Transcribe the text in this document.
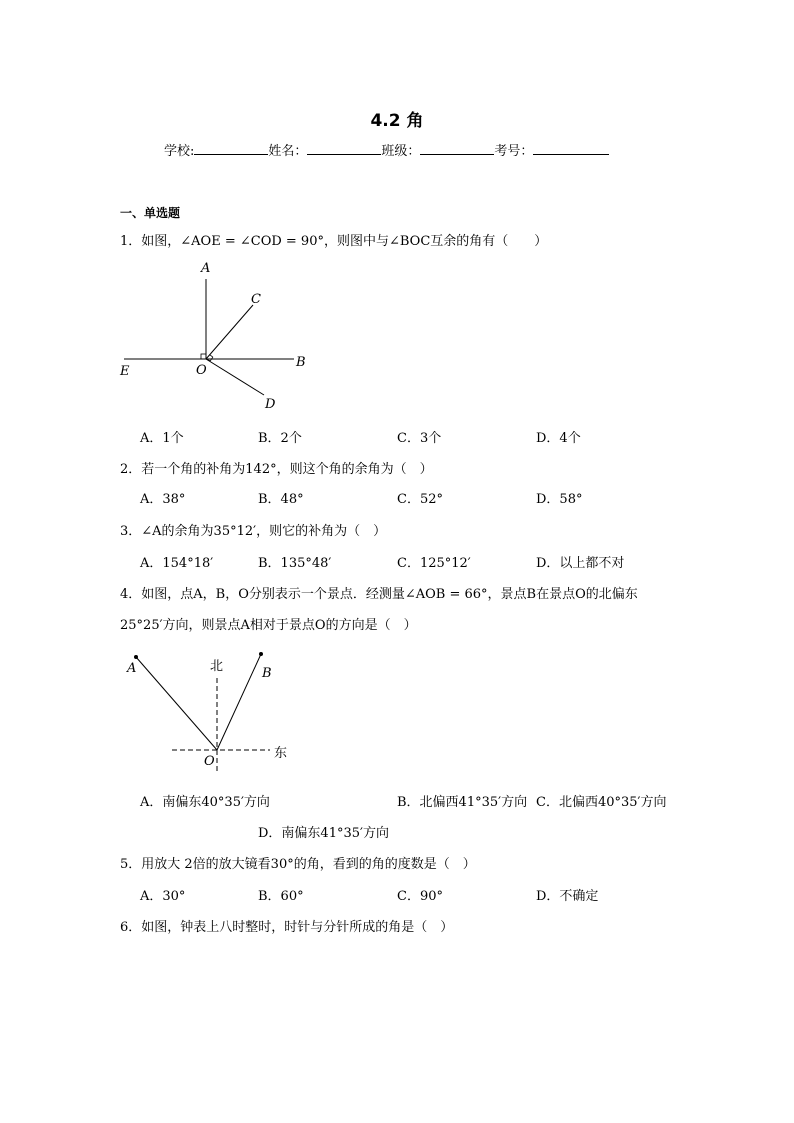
4.2 角
学校:	姓名：	班级：	考号：
一、单选题
1．如图，∠AOE = ∠COD = 90°，则图中与∠BOC互余的角有（　　）
A
C
E	O
B
D
A．1个	B．2个	C．3个	D．4个
2．若一个角的补角为142°，则这个角的余角为（　）
A．38°	B．48°	C．52°	D．58°
3．∠A的余角为35°12′，则它的补角为（　）
A．154°18′	B．135°48′	C．125°12′	D．以上都不对
4．如图，点A，B，O分别表示一个景点．经测量∠AOB = 66°，景点B在景点O的北偏东
25°25′方向，则景点A相对于景点O的方向是（　）
A	北	B
O
东
A．南偏东40°35′方向	B．北偏西41°35′方向 C．北偏西40°35′方向
D．南偏东41°35′方向
5．用放大 2倍的放大镜看30°的角，看到的角的度数是（　）
A．30°	B．60°	C．90°	D．不确定
6．如图，钟表上八时整时，时针与分针所成的角是（　）
